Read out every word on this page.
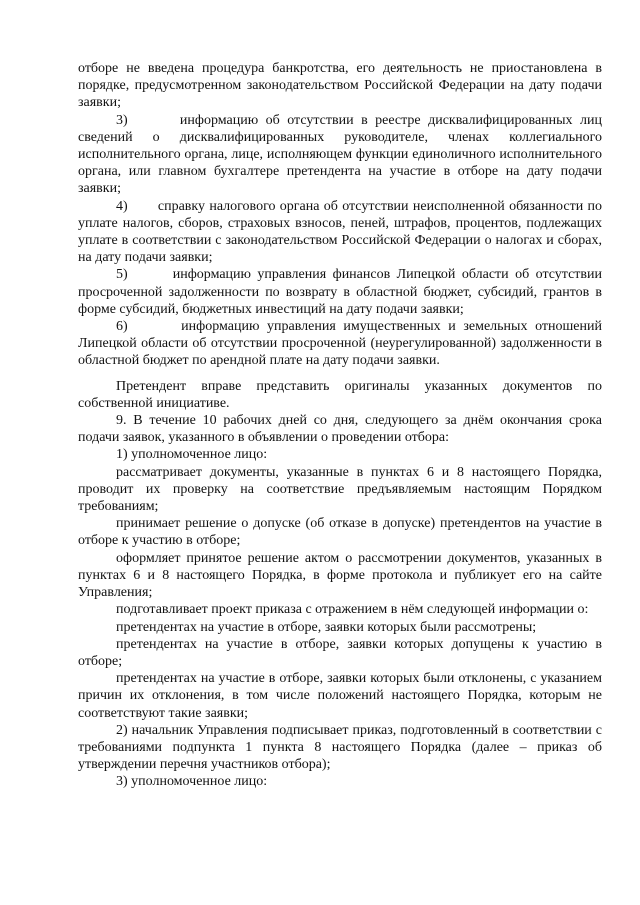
отборе не введена процедура банкротства, его деятельность не приостановлена в порядке, предусмотренном законодательством Российской Федерации на дату подачи заявки;

3)       информацию об отсутствии в реестре дисквалифицированных лиц сведений о дисквалифицированных руководителе, членах коллегиального исполнительного органа, лице, исполняющем функции единоличного исполнительного органа, или главном бухгалтере претендента на участие в отборе на дату подачи заявки;

4)       справку налогового органа об отсутствии неисполненной обязанности по уплате налогов, сборов, страховых взносов, пеней, штрафов, процентов, подлежащих уплате в соответствии с законодательством Российской Федерации о налогах и сборах, на дату подачи заявки;

5)       информацию управления финансов Липецкой области об отсутствии просроченной задолженности по возврату в областной бюджет, субсидий, грантов в форме субсидий, бюджетных инвестиций на дату подачи заявки;

6)       информацию управления имущественных и земельных отношений Липецкой области об отсутствии просроченной (неурегулированной) задолженности в областной бюджет по арендной плате на дату подачи заявки.

Претендент вправе представить оригиналы указанных документов по собственной инициативе.

9. В течение 10 рабочих дней со дня, следующего за днём окончания срока подачи заявок, указанного в объявлении о проведении отбора:

1) уполномоченное лицо:

рассматривает документы, указанные в пунктах 6 и 8 настоящего Порядка, проводит их проверку на соответствие предъявляемым настоящим Порядком требованиям;

принимает решение о допуске (об отказе в допуске) претендентов на участие в отборе к участию в отборе;

оформляет принятое решение актом о рассмотрении документов, указанных в пунктах 6 и 8 настоящего Порядка, в форме протокола и публикует его на сайте Управления;

подготавливает проект приказа с отражением в нём следующей информации о:

претендентах на участие в отборе, заявки которых были рассмотрены;

претендентах на участие в отборе, заявки которых допущены к участию в отборе;

претендентах на участие в отборе, заявки которых были отклонены, с указанием причин их отклонения, в том числе положений настоящего Порядка, которым не соответствуют такие заявки;

2) начальник Управления подписывает приказ, подготовленный в соответствии с требованиями подпункта 1 пункта 8 настоящего Порядка (далее – приказ об утверждении перечня участников отбора);

3) уполномоченное лицо:
